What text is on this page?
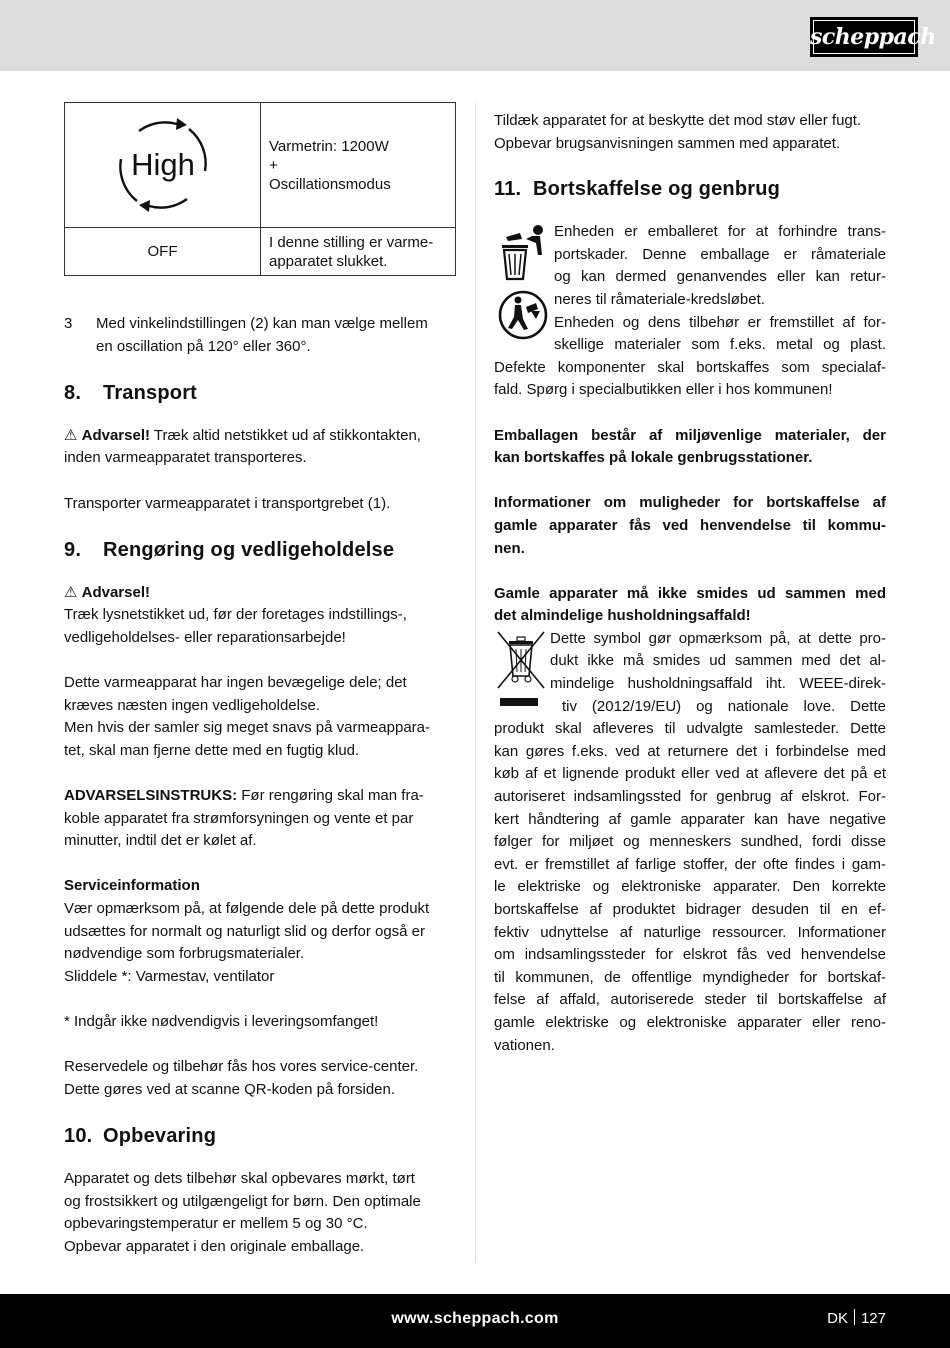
scheppach
High	Varmetrin: 1200W
+
Oscillationsmodus

OFF	I denne stilling er varme-
apparatet slukket.
3	Med vinkelindstillingen (2) kan man vælge mellem
en oscillation på 120° eller 360°.
8. Transport

⚠ Advarsel! Træk altid netstikket ud af stikkontakten,
inden varmeapparatet transporteres.

Transporter varmeapparatet i transportgrebet (1).

9. Rengøring og vedligeholdelse

⚠ Advarsel!

Træk lysnetstikket ud, før der foretages indstillings-,
vedligeholdelses- eller reparationsarbejde!
Dette varmeapparat har ingen bevægelige dele; det
kræves næsten ingen vedligeholdelse.
Men hvis der samler sig meget snavs på varmeappara-
tet, skal man fjerne dette med en fugtig klud.
ADVARSELSINSTRUKS: Før rengøring skal man fra-
koble apparatet fra strømforsyningen og vente et par
minutter, indtil det er kølet af.
Serviceinformation
Vær opmærksom på, at følgende dele på dette produkt
udsættes for normalt og naturligt slid og derfor også er
nødvendige som forbrugsmaterialer.
Sliddele *: Varmestav, ventilator
* Indgår ikke nødvendigvis i leveringsomfanget!
Reservedele og tilbehør fås hos vores service-center.
Dette gøres ved at scanne QR-koden på forsiden.
10. Opbevaring
Apparatet og dets tilbehør skal opbevares mørkt, tørt
og frostsikkert og utilgængeligt for børn. Den optimale
opbevaringstemperatur er mellem 5 og 30 °C.
Opbevar apparatet i den originale emballage.
Tildæk apparatet for at beskytte det mod støv eller fugt.
Opbevar brugsanvisningen sammen med apparatet.
11. Bortskaffelse og genbrug
Enheden er emballeret for at forhindre trans-
portskader. Denne emballage er råmateriale
og kan dermed genanvendes eller kan retur-
neres til råmateriale-kredsløbet.
Enheden og dens tilbehør er fremstillet af for-
skellige materialer som f.eks. metal og plast.
Defekte komponenter skal bortskaffes som specialaf-
fald. Spørg i specialbutikken eller i hos kommunen!
Emballagen består af miljøvenlige materialer, der
kan bortskaffes på lokale genbrugsstationer.
Informationer om muligheder for bortskaffelse af
gamle apparater fås ved henvendelse til kommu-
nen.
Gamle apparater må ikke smides ud sammen med
det almindelige husholdningsaffald!
Dette symbol gør opmærksom på, at dette pro-
dukt ikke må smides ud sammen med det al-
mindelige husholdningsaffald iht. WEEE-direk-
tiv (2012/19/EU) og nationale love. Dette
produkt skal afleveres til udvalgte samlesteder. Dette
kan gøres f.eks. ved at returnere det i forbindelse med
køb af et lignende produkt eller ved at aflevere det på et
autoriseret indsamlingssted for genbrug af elskrot. For-
kert håndtering af gamle apparater kan have negative
følger for miljøet og menneskers sundhed, fordi disse
evt. er fremstillet af farlige stoffer, der ofte findes i gam-
le elektriske og elektroniske apparater. Den korrekte
bortskaffelse af produktet bidrager desuden til en ef-
fektiv udnyttelse af naturlige ressourcer. Informationer
om indsamlingssteder for elskrot fås ved henvendelse
til kommunen, de offentlige myndigheder for bortskaf-
felse af affald, autoriserede steder til bortskaffelse af
gamle elektriske og elektroniske apparater eller reno-
vationen.
www.scheppach.com	DK 127
